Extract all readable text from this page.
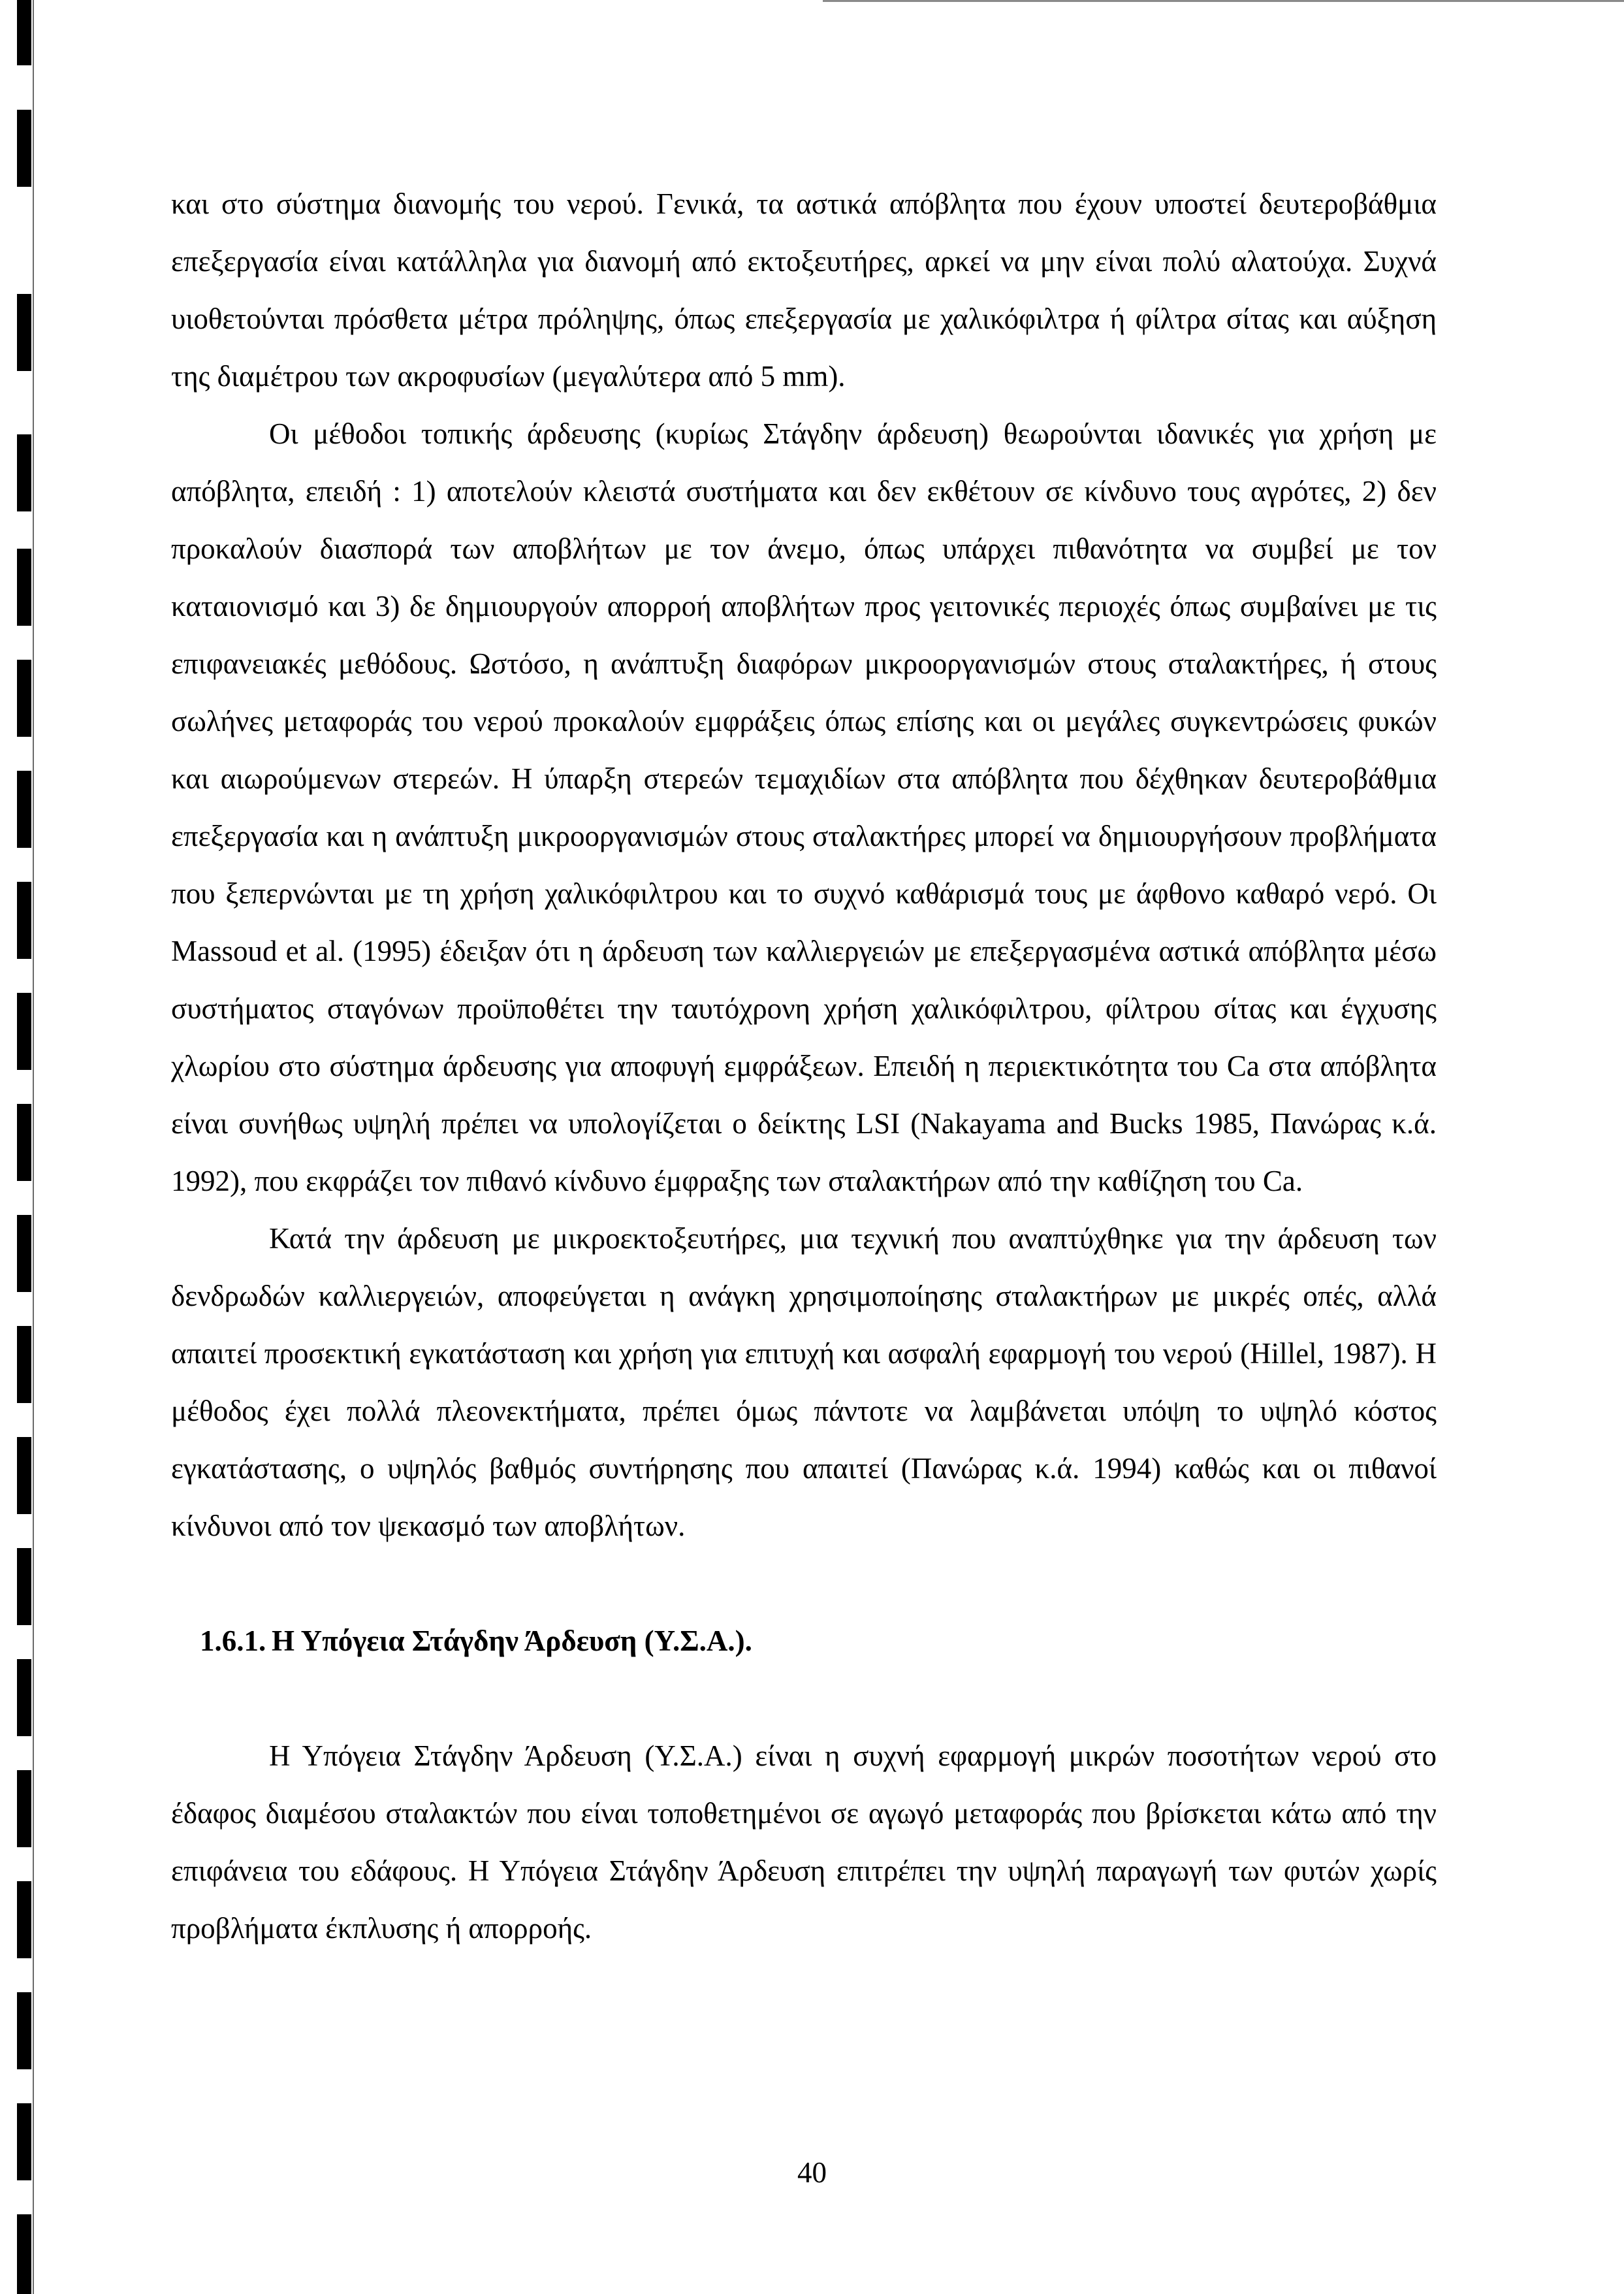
και στο σύστημα διανομής του νερού. Γενικά, τα αστικά απόβλητα που έχουν υποστεί δευτεροβάθμια επεξεργασία είναι κατάλληλα για διανομή από εκτοξευτήρες, αρκεί να μην είναι πολύ αλατούχα. Συχνά υιοθετούνται πρόσθετα μέτρα πρόληψης, όπως επεξεργασία με χαλικόφιλτρα ή φίλτρα σίτας και αύξηση της διαμέτρου των ακροφυσίων (μεγαλύτερα από 5 mm).

Οι μέθοδοι τοπικής άρδευσης (κυρίως Στάγδην άρδευση) θεωρούνται ιδανικές για χρήση με απόβλητα, επειδή : 1) αποτελούν κλειστά συστήματα και δεν εκθέτουν σε κίνδυνο τους αγρότες, 2) δεν προκαλούν διασπορά των αποβλήτων με τον άνεμο, όπως υπάρχει πιθανότητα να συμβεί με τον καταιονισμό και 3) δε δημιουργούν απορροή αποβλήτων προς γειτονικές περιοχές όπως συμβαίνει με τις επιφανειακές μεθόδους. Ωστόσο, η ανάπτυξη διαφόρων μικροοργανισμών στους σταλακτήρες, ή στους σωλήνες μεταφοράς του νερού προκαλούν εμφράξεις όπως επίσης και οι μεγάλες συγκεντρώσεις φυκών και αιωρούμενων στερεών. Η ύπαρξη στερεών τεμαχιδίων στα απόβλητα που δέχθηκαν δευτεροβάθμια επεξεργασία και η ανάπτυξη μικροοργανισμών στους σταλακτήρες μπορεί να δημιουργήσουν προβλήματα που ξεπερνώνται με τη χρήση χαλικόφιλτρου και το συχνό καθάρισμά τους με άφθονο καθαρό νερό. Οι Massoud et al. (1995) έδειξαν ότι η άρδευση των καλλιεργειών με επεξεργασμένα αστικά απόβλητα μέσω συστήματος σταγόνων προϋποθέτει την ταυτόχρονη χρήση χαλικόφιλτρου, φίλτρου σίτας και έγχυσης χλωρίου στο σύστημα άρδευσης για αποφυγή εμφράξεων. Επειδή η περιεκτικότητα του Ca στα απόβλητα είναι συνήθως υψηλή πρέπει να υπολογίζεται ο δείκτης LSI (Nakayama and Bucks 1985, Πανώρας κ.ά. 1992), που εκφράζει τον πιθανό κίνδυνο έμφραξης των σταλακτήρων από την καθίζηση του Ca.

Κατά την άρδευση με μικροεκτοξευτήρες, μια τεχνική που αναπτύχθηκε για την άρδευση των δενδρωδών καλλιεργειών, αποφεύγεται η ανάγκη χρησιμοποίησης σταλακτήρων με μικρές οπές, αλλά απαιτεί προσεκτική εγκατάσταση και χρήση για επιτυχή και ασφαλή εφαρμογή του νερού (Hillel, 1987). Η μέθοδος έχει πολλά πλεονεκτήματα, πρέπει όμως πάντοτε να λαμβάνεται υπόψη το υψηλό κόστος εγκατάστασης, ο υψηλός βαθμός συντήρησης που απαιτεί (Πανώρας κ.ά. 1994) καθώς και οι πιθανοί κίνδυνοι από τον ψεκασμό των αποβλήτων.

1.6.1. Η Υπόγεια Στάγδην Άρδευση (Υ.Σ.Α.).

Η Υπόγεια Στάγδην Άρδευση (Υ.Σ.Α.) είναι η συχνή εφαρμογή μικρών ποσοτήτων νερού στο έδαφος διαμέσου σταλακτών που είναι τοποθετημένοι σε αγωγό μεταφοράς που βρίσκεται κάτω από την επιφάνεια του εδάφους. Η Υπόγεια Στάγδην Άρδευση επιτρέπει την υψηλή παραγωγή των φυτών χωρίς προβλήματα έκπλυσης ή απορροής.

40
